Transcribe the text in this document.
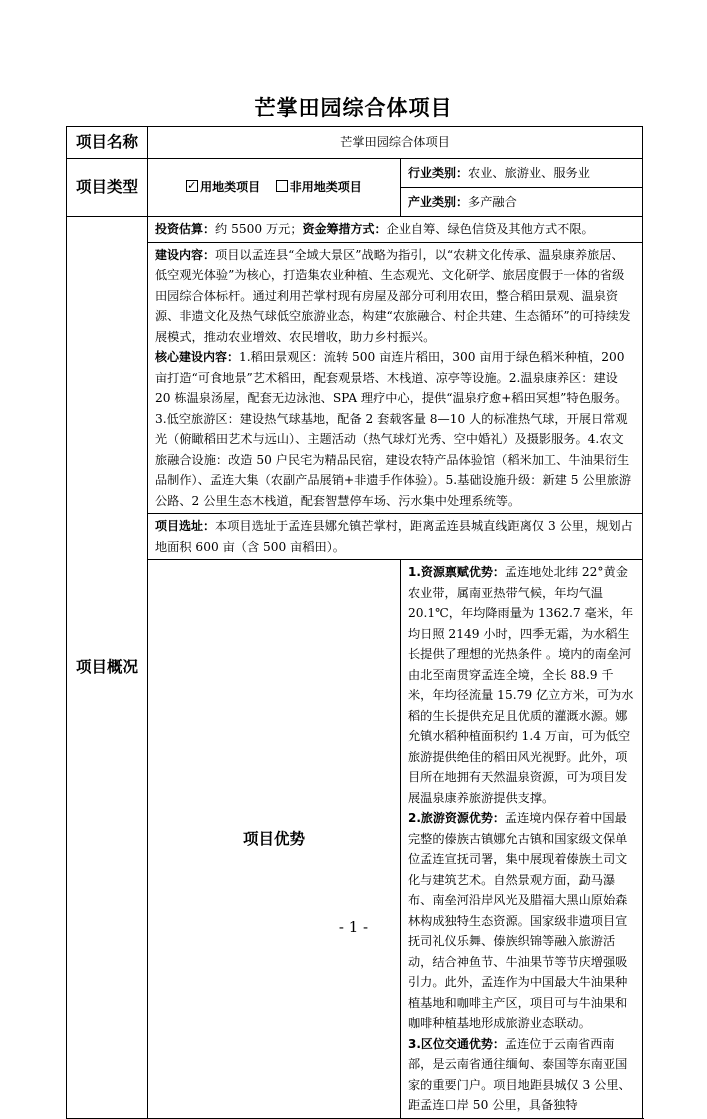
芒掌田园综合体项目
项目名称	芒掌田园综合体项目	
项目类型	✓用地类项目 非用地类项目	行业类别：农业、旅游业、服务业
		产业类别：多产融合
项目概况	投资估算：约 5500 万元；资金筹措方式：企业自筹、绿色信贷及其他方式不限。	
	建设内容：项目以孟连县“全域大景区”战略为指引，以“农耕文化传承、温泉康养旅居、低空观光体验”为核心，打造集农业种植、生态观光、文化研学、旅居度假于一体的省级田园综合体标杆。通过利用芒掌村现有房屋及部分可利用农田，整合稻田景观、温泉资源、非遗文化及热气球低空旅游业态，构建“农旅融合、村企共建、生态循环”的可持续发展模式，推动农业增效、农民增收，助力乡村振兴。
核心建设内容：1.稻田景观区：流转 500 亩连片稻田，300 亩用于绿色稻米种植，200 亩打造“可食地景”艺术稻田，配套观景塔、木栈道、凉亭等设施。2.温泉康养区：建设 20 栋温泉汤屋，配套无边泳池、SPA 理疗中心，提供“温泉疗愈+稻田冥想”特色服务。3.低空旅游区：建设热气球基地，配备 2 套载客量 8—10 人的标准热气球，开展日常观光（俯瞰稻田艺术与远山）、主题活动（热气球灯光秀、空中婚礼）及摄影服务。4.农文旅融合设施：改造 50 户民宅为精品民宿，建设农特产品体验馆（稻米加工、牛油果衍生品制作）、孟连大集（农副产品展销+非遗手作体验）。5.基础设施升级：新建 5 公里旅游公路、2 公里生态木栈道，配套智慧停车场、污水集中处理系统等。	
	项目选址：本项目选址于孟连县娜允镇芒掌村，距离孟连县城直线距离仅 3 公里，规划占地面积 600 亩（含 500 亩稻田）。	
	项目优势	1.资源禀赋优势：孟连地处北纬 22°黄金农业带，属南亚热带气候，年均气温 20.1℃，年均降雨量为 1362.7 毫米，年均日照 2149 小时，四季无霜，为水稻生长提供了理想的光热条件 。境内的南垒河由北至南贯穿孟连全境，全长 88.9 千米，年均径流量 15.79 亿立方米，可为水稻的生长提供充足且优质的灌溉水源。娜允镇水稻种植面积约 1.4 万亩，可为低空旅游提供绝佳的稻田风光视野。此外，项目所在地拥有天然温泉资源，可为项目发展温泉康养旅游提供支撑。
2.旅游资源优势：孟连境内保存着中国最完整的傣族古镇娜允古镇和国家级文保单位孟连宣抚司署，集中展现着傣族土司文化与建筑艺术。自然景观方面，勐马瀑布、南垒河沿岸风光及腊福大黑山原始森林构成独特生态资源。国家级非遗项目宣抚司礼仪乐舞、傣族织锦等融入旅游活动，结合神鱼节、牛油果节等节庆增强吸引力。此外，孟连作为中国最大牛油果种植基地和咖啡主产区，项目可与牛油果和咖啡种植基地形成旅游业态联动。
3.区位交通优势：孟连位于云南省西南部，是云南省通往缅甸、泰国等东南亚国家的重要门户。项目地距县城仅 3 公里、距孟连口岸 50 公里，具备独特
- 1 -
